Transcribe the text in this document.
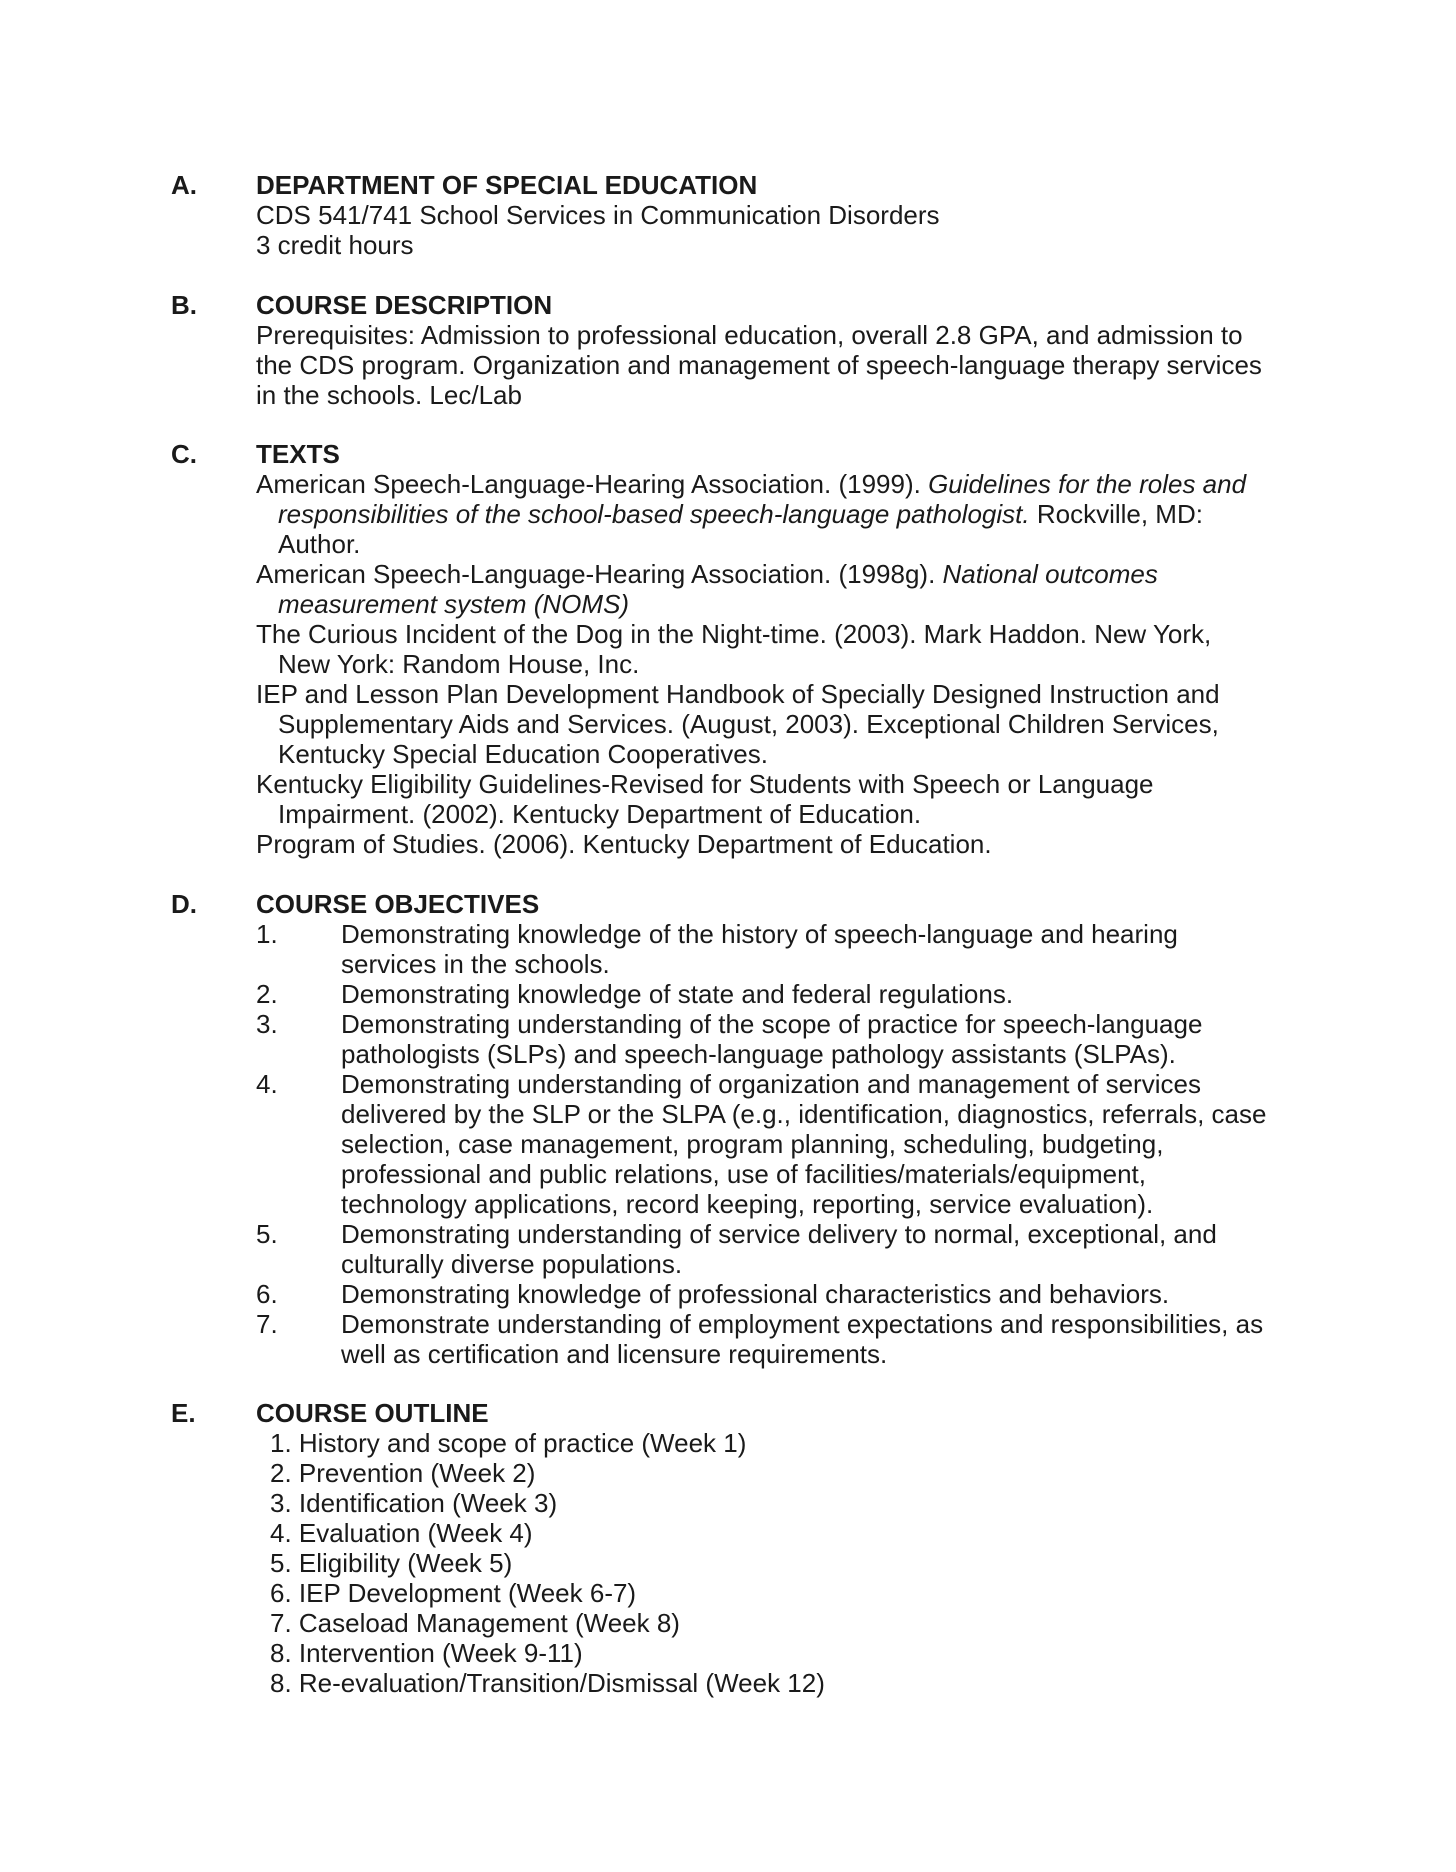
A. DEPARTMENT OF SPECIAL EDUCATION
CDS 541/741 School Services in Communication Disorders
3 credit hours
B. COURSE DESCRIPTION
Prerequisites: Admission to professional education, overall 2.8 GPA, and admission to
the CDS program. Organization and management of speech-language therapy services
in the schools. Lec/Lab
C. TEXTS
American Speech-Language-Hearing Association. (1999). Guidelines for the roles and
responsibilities of the school-based speech-language pathologist. Rockville, MD:
Author.
American Speech-Language-Hearing Association. (1998g). National outcomes
measurement system (NOMS)
The Curious Incident of the Dog in the Night-time. (2003). Mark Haddon. New York,
New York: Random House, Inc.
IEP and Lesson Plan Development Handbook of Specially Designed Instruction and
Supplementary Aids and Services. (August, 2003). Exceptional Children Services,
Kentucky Special Education Cooperatives.
Kentucky Eligibility Guidelines-Revised for Students with Speech or Language
Impairment. (2002). Kentucky Department of Education.
Program of Studies. (2006). Kentucky Department of Education.
D. COURSE OBJECTIVES
1. Demonstrating knowledge of the history of speech-language and hearing
services in the schools.
2. Demonstrating knowledge of state and federal regulations.
3. Demonstrating understanding of the scope of practice for speech-language
pathologists (SLPs) and speech-language pathology assistants (SLPAs).
4. Demonstrating understanding of organization and management of services
delivered by the SLP or the SLPA (e.g., identification, diagnostics, referrals, case
selection, case management, program planning, scheduling, budgeting,
professional and public relations, use of facilities/materials/equipment,
technology applications, record keeping, reporting, service evaluation).
5. Demonstrating understanding of service delivery to normal, exceptional, and
culturally diverse populations.
6. Demonstrating knowledge of professional characteristics and behaviors.
7. Demonstrate understanding of employment expectations and responsibilities, as
well as certification and licensure requirements.
E. COURSE OUTLINE
1. History and scope of practice (Week 1)
2. Prevention (Week 2)
3. Identification (Week 3)
4. Evaluation (Week 4)
5. Eligibility (Week 5)
6. IEP Development (Week 6-7)
7. Caseload Management (Week 8)
8. Intervention (Week 9-11)
8. Re-evaluation/Transition/Dismissal (Week 12)
